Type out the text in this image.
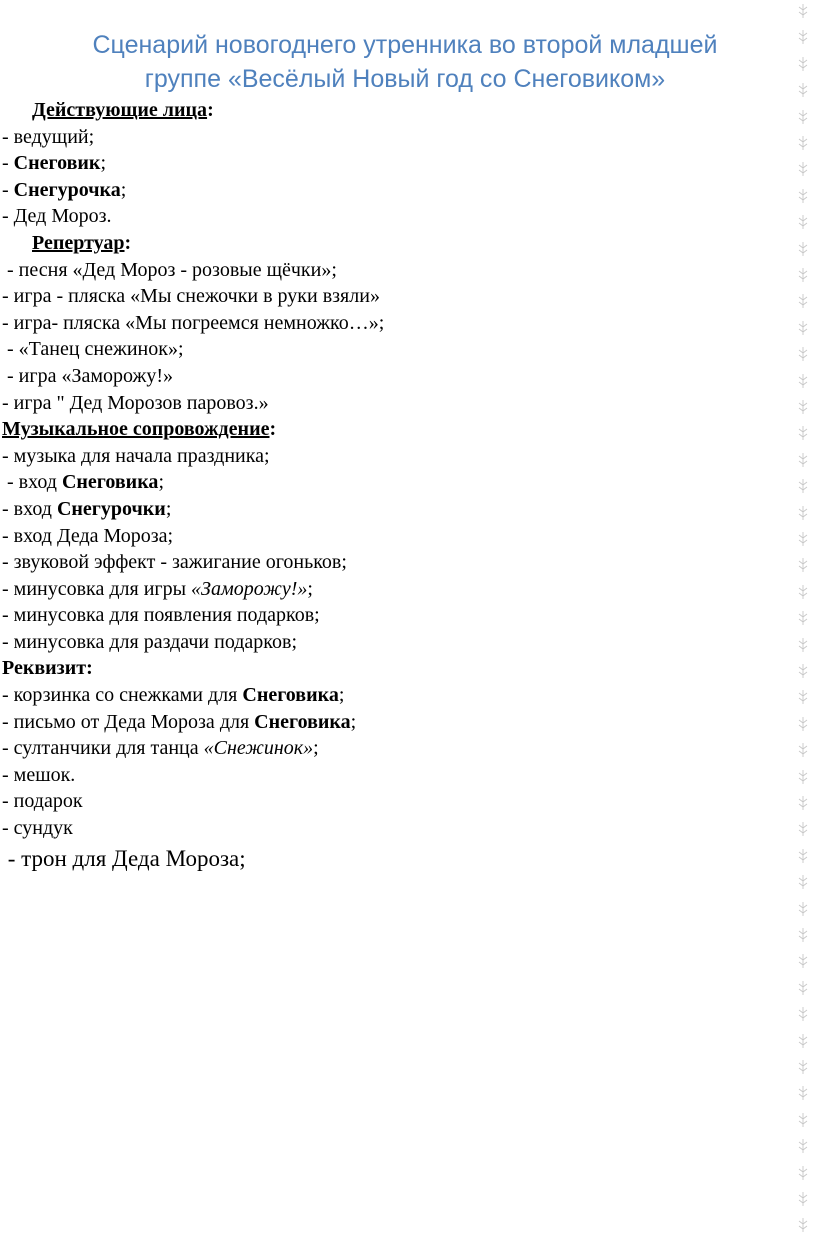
Сценарий новогоднего утренника во второй младшей
группе «Весёлый Новый год со Снеговиком»
Действующие лица:
- ведущий;
- Снеговик;
- Снегурочка;
- Дед Мороз.
Репертуар:
- песня «Дед Мороз - розовые щёчки»;
- игра - пляска «Мы снежочки в руки взяли»
- игра- пляска «Мы погреемся немножко…»;
- «Танец снежинок»;
- игра «Заморожу!»
- игра " Дед Морозов паровоз.»
Музыкальное сопровождение:
- музыка для начала праздника;
- вход Снеговика;
- вход Снегурочки;
- вход Деда Мороза;
- звуковой эффект - зажигание огоньков;
- минусовка для игры «Заморожу!»;
- минусовка для появления подарков;
- минусовка для раздачи подарков;
Реквизит:
- корзинка со снежками для Снеговика;
- письмо от Деда Мороза для Снеговика;
- султанчики для танца «Снежинок»;
- мешок.
- подарок
- сундук
- трон для Деда Мороза;
